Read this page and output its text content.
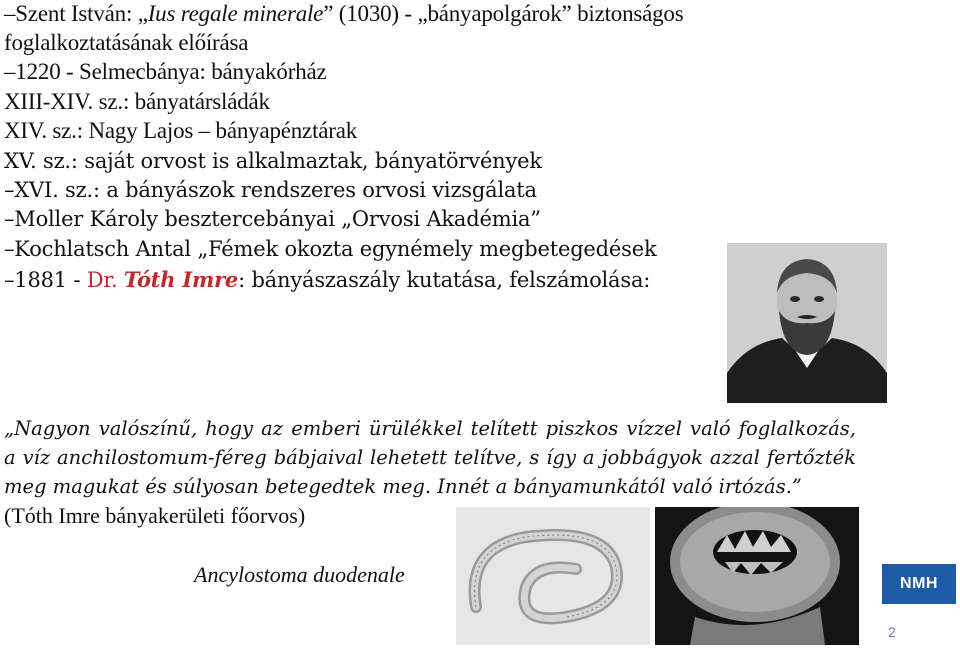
–Szent István: „Ius regale minerale” (1030) - „bányapolgárok” biztonságos
foglalkoztatásának előírása
–1220 - Selmecbánya: bányakórház
XIII-XIV. sz.: bányatársládák
XIV. sz.: Nagy Lajos – bányapénztárak
XV. sz.: saját orvost is alkalmaztak, bányatörvények
–XVI. sz.: a bányászok rendszeres orvosi vizsgálata
–Moller Károly besztercebányai „Orvosi Akadémia”
–Kochlatsch Antal „Fémek okozta egynémely megbetegedések
–1881 - Dr. Tóth Imre: bányászaszály kutatása, felszámolása:
„Nagyon valószínű, hogy az emberi ürülékkel telített piszkos vízzel való foglalkozás,
a víz anchilostomum-féreg bábjaival lehetett telítve, s így a jobbágyok azzal fertőzték
meg magukat és súlyosan betegedtek meg. Innét a bányamunkától való irtózás.”
(Tóth Imre bányakerületi főorvos)
Ancylostoma duodenale	NMH
2
